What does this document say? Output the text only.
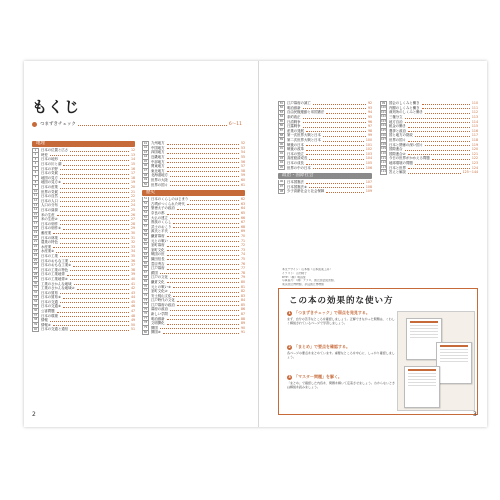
もくじ
つまずきチェック	6～11
地理
1	日本の位置と広さ	12
2	時差	13
3	日本の地形	14
4	日本の川と湖	15
5	日本の平野	16
6	日本の気候	17
7	地図の見方	18
8	地図の見方②	19
9	日本の産業	20
10	世界の気候	21
11	日本の自然	22
12	日本の人口	23
13	人口の分布	24
14	日本の資源	25
15	米の生産	26
16	米の生産②	27
17	日本の畑作	28
18	日本の畑作②	29
19	畜産業	30
20	日本の林業	31
21	農業の特色	32
22	水産業	33
23	水産業②	34
24	日本の工業	35
25	日本のおもな工業	36
26	日本のおもな工業②	37
27	日本の工業の特色	38
28	日本の工業地帯	39
29	日本の工業地帯②	40
30	工業のさかんな地域	41
31	工業のさかんな地域②	42
32	日本の貿易	43
33	日本の貿易②	44
34	日本の交通	45
35	日本の交通②	46
36	公害問題	47
37	日本の環境	48
38	情報	49
39	情報②	50
40	日本の交通と通信	51
41	九州地方	52
42	中国地方	53
43	四国地方	54
44	近畿地方	55
45	中部地方	56
46	関東地方	57
47	東北地方	58
48	北海道地方	59
49	世界の大陸	60
50	世界の国々	61
歴史
51	日本のくらしのはじまり	62
52	古墳がつくられた時代	63
53	聖徳太子の政治	64
54	奈良の都	65
55	大仏の建立	66
56	貴族のくらし	67
57	武士のおこり	68
58	源氏と平氏	69
59	鎌倉幕府	70
60	元との戦い	71
61	室町幕府	72
62	室町文化	73
63	戦国の世	74
64	織田信長	75
65	豊臣秀吉	76
66	江戸幕府	77
67	鎖国	78
68	江戸の文化	79
69	鎌倉文化	80
70	元との戦い②	81
71	室町文化②	82
72	安土桃山文化	83
73	江戸時代の文化	84
74	江戸幕府の政治	85
75	幕府の政治	86
76	新しい学問	87
77	明治維新	88
78	文明開化	89
79	開国	90
80	開国②	91
81	江戸幕府の滅亡	92
82	明治維新	93
83	自由民権運動と帝国憲法	94
84	条約改正	95
85	日清戦争	96
86	日露戦争	97
87	産業の発展	98
88	第一次世界大戦と日本	99
89	第二次世界大戦と日本	100
90	戦後の日本	101
91	戦後の改革	102
92	日本の独立	103
93	高度経済成長	104
94	日本の成長	105
95	世界の中の日本	106
政治・国際社会
96	日本国憲法	107
97	日本国憲法②	108
98	少子高齢社会と社会保障	109
99	国会のしくみと働き	110
100 内閣のしくみと働き	111
101 裁判所のしくみと働き	112
102 三権分立	113
103 地方自治	114
104 税金の働き	115
105 選挙と政治	116
106 国と地方の財政	117
107 世界の国々	118
108 日本と関係の深い国々	119
109 国際連合	120
110 国際連合②	121
111 今日の世界がかかえる問題	122
112 地球環境の問題	123
113 日本と世界	124
114 答えと解説	125～144
本文デザイン：山本郁（山本図案工房）
イラスト：山内明子
DTP：（株）明昌堂
写真協力：（株）アフロ、国立国会図書館、
東京国立博物館、奈良国立博物館
この本の効果的な使い方
1 「つまずきチェック」で弱点を発見する。
まず、自分の苦手なところを確認しましょう。正解できなかった問題は、くわしく解説されているページで学習しましょう。
2 「まとめ」で要点を確認する。
各ページの要点をまとめています。重要なところを中心に、しっかり確認しましょう。
3 「マスター問題」を解く。
「まとめ」で確認した内容を、問題を解いて定着させましょう。わからないときは解説を読みましょう。
2	3
